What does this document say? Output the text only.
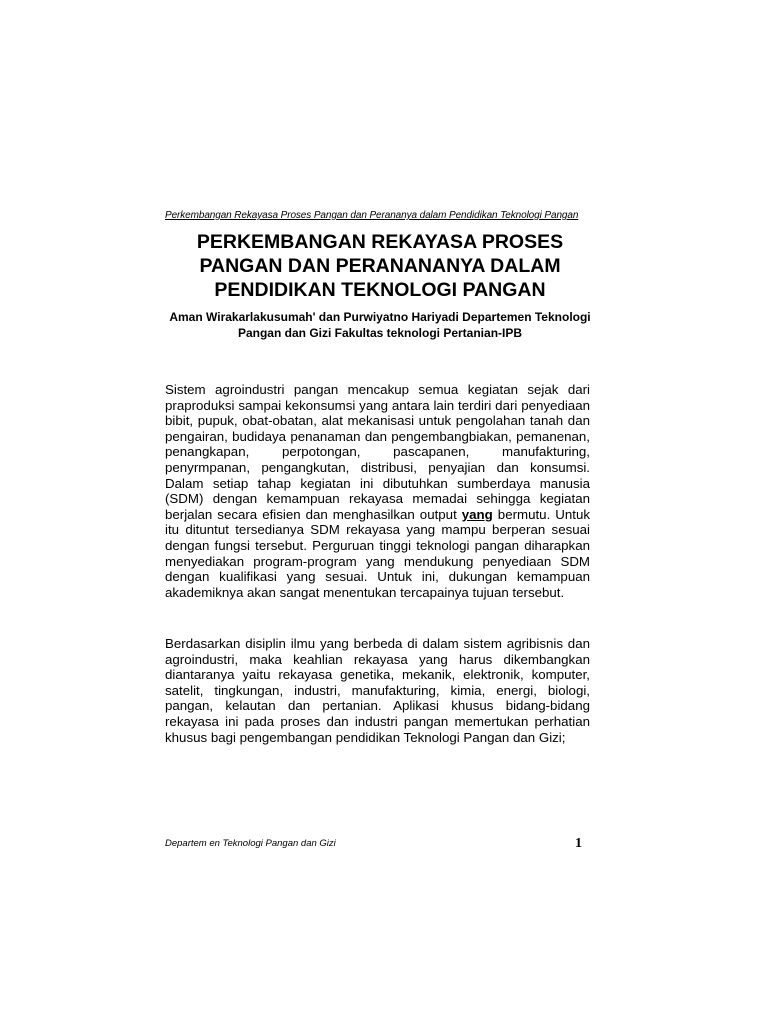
Perkembangan Rekayasa Proses Pangan dan Perananya dalam Pendidikan Teknologi Pangan
PERKEMBANGAN REKAYASA PROSES
PANGAN DAN PERANANANYA DALAM
PENDIDIKAN TEKNOLOGI PANGAN

Aman Wirakarlakusumah' dan Purwiyatno Hariyadi Departemen Teknologi
Pangan dan Gizi Fakultas teknologi Pertanian-IPB

Sistem agroindustri pangan mencakup semua kegiatan sejak dari praproduksi sampai kekonsumsi yang antara lain terdiri dari penyediaan bibit, pupuk, obat-obatan, alat mekanisasi untuk pengolahan tanah dan pengairan, budidaya penanaman dan pengembangbiakan, pemanenan, penangkapan, perpotongan, pascapanen, manufakturing, penyrmpanan, pengangkutan, distribusi, penyajian dan konsumsi. Dalam setiap tahap kegiatan ini dibutuhkan sumberdaya manusia (SDM) dengan kemampuan rekayasa memadai sehingga kegiatan berjalan secara efisien dan menghasilkan output yang bermutu. Untuk itu dituntut tersedianya SDM rekayasa yang mampu berperan sesuai dengan fungsi tersebut. Perguruan tinggi teknologi pangan diharapkan menyediakan program-program yang mendukung penyediaan SDM dengan kualifikasi yang sesuai. Untuk ini, dukungan kemampuan akademiknya akan sangat menentukan tercapainya tujuan tersebut.

Berdasarkan disiplin ilmu yang berbeda di dalam sistem agribisnis dan agroindustri, maka keahlian rekayasa yang harus dikembangkan diantaranya yaitu rekayasa genetika, mekanik, elektronik, komputer, satelit, tingkungan, industri, manufakturing, kimia, energi, biologi, pangan, kelautan dan pertanian. Aplikasi khusus bidang-bidang rekayasa ini pada proses dan industri pangan memertukan perhatian khusus bagi pengembangan pendidikan Teknologi Pangan dan Gizi;

Departem en Teknologi Pangan dan Gizi	1
